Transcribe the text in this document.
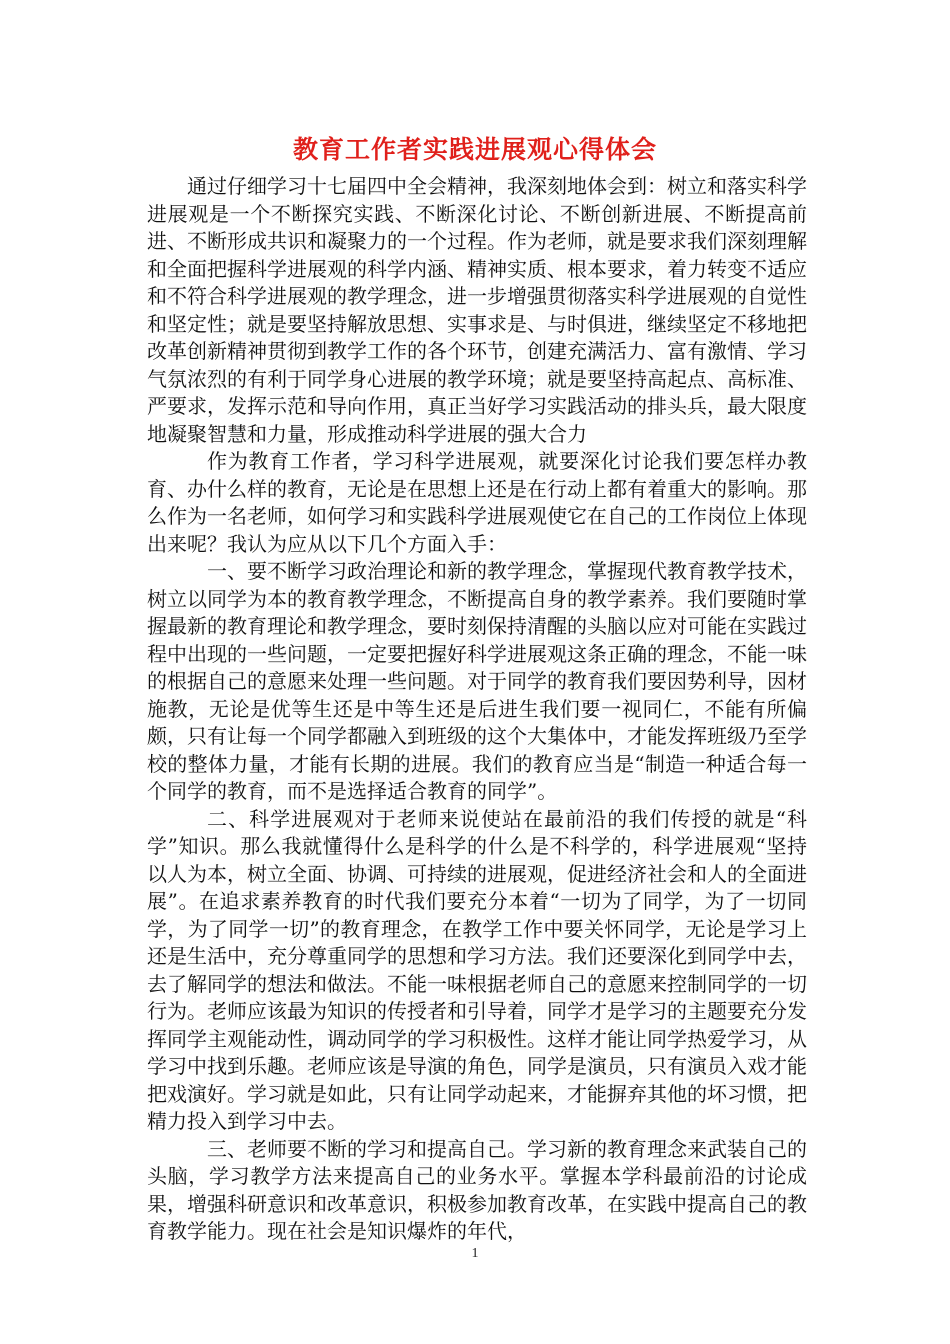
教育工作者实践进展观心得体会

通过仔细学习十七届四中全会精神，我深刻地体会到：树立和落实科学进展观是一个不断探究实践、不断深化讨论、不断创新进展、不断提高前进、不断形成共识和凝聚力的一个过程。作为老师，就是要求我们深刻理解和全面把握科学进展观的科学内涵、精神实质、根本要求，着力转变不适应和不符合科学进展观的教学理念，进一步增强贯彻落实科学进展观的自觉性和坚定性；就是要坚持解放思想、实事求是、与时俱进，继续坚定不移地把改革创新精神贯彻到教学工作的各个环节，创建充满活力、富有激情、学习气氛浓烈的有利于同学身心进展的教学环境；就是要坚持高起点、高标准、严要求，发挥示范和导向作用，真正当好学习实践活动的排头兵，最大限度地凝聚智慧和力量，形成推动科学进展的强大合力

作为教育工作者，学习科学进展观，就要深化讨论我们要怎样办教育、办什么样的教育，无论是在思想上还是在行动上都有着重大的影响。那么作为一名老师，如何学习和实践科学进展观使它在自己的工作岗位上体现出来呢？我认为应从以下几个方面入手：

一、要不断学习政治理论和新的教学理念，掌握现代教育教学技术，树立以同学为本的教育教学理念，不断提高自身的教学素养。我们要随时掌握最新的教育理论和教学理念，要时刻保持清醒的头脑以应对可能在实践过程中出现的一些问题，一定要把握好科学进展观这条正确的理念，不能一味的根据自己的意愿来处理一些问题。对于同学的教育我们要因势利导，因材施教，无论是优等生还是中等生还是后进生我们要一视同仁，不能有所偏颇，只有让每一个同学都融入到班级的这个大集体中，才能发挥班级乃至学校的整体力量，才能有长期的进展。我们的教育应当是“制造一种适合每一个同学的教育，而不是选择适合教育的同学”。

二、科学进展观对于老师来说使站在最前沿的我们传授的就是“科学”知识。那么我就懂得什么是科学的什么是不科学的，科学进展观“坚持以人为本，树立全面、协调、可持续的进展观，促进经济社会和人的全面进展”。在追求素养教育的时代我们要充分本着“一切为了同学，为了一切同学，为了同学一切”的教育理念，在教学工作中要关怀同学，无论是学习上还是生活中，充分尊重同学的思想和学习方法。我们还要深化到同学中去，去了解同学的想法和做法。不能一味根据老师自己的意愿来控制同学的一切行为。老师应该最为知识的传授者和引导着，同学才是学习的主题要充分发挥同学主观能动性，调动同学的学习积极性。这样才能让同学热爱学习，从学习中找到乐趣。老师应该是导演的角色，同学是演员，只有演员入戏才能把戏演好。学习就是如此，只有让同学动起来，才能摒弃其他的坏习惯，把精力投入到学习中去。

三、老师要不断的学习和提高自己。学习新的教育理念来武装自己的头脑，学习教学方法来提高自己的业务水平。掌握本学科最前沿的讨论成果，增强科研意识和改革意识，积极参加教育改革，在实践中提高自己的教育教学能力。现在社会是知识爆炸的年代，

1
